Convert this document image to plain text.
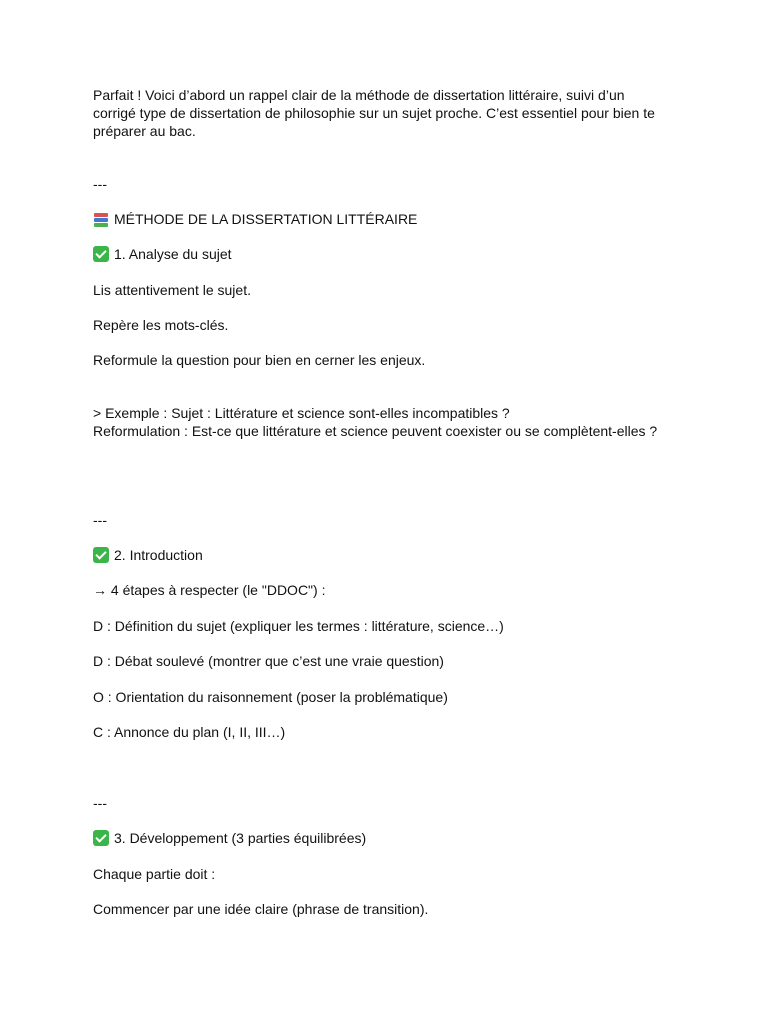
Parfait ! Voici d’abord un rappel clair de la méthode de dissertation littéraire, suivi d’un
corrigé type de dissertation de philosophie sur un sujet proche. C’est essentiel pour bien te
préparer au bac.
---
MÉTHODE DE LA DISSERTATION LITTÉRAIRE
1. Analyse du sujet
Lis attentivement le sujet.
Repère les mots-clés.
Reformule la question pour bien en cerner les enjeux.
> Exemple : Sujet : Littérature et science sont-elles incompatibles ?
Reformulation : Est-ce que littérature et science peuvent coexister ou se complètent-elles ?
---
2. Introduction
→ 4 étapes à respecter (le "DDOC") :
D : Définition du sujet (expliquer les termes : littérature, science…)
D : Débat soulevé (montrer que c’est une vraie question)
O : Orientation du raisonnement (poser la problématique)
C : Annonce du plan (I, II, III…)
---
3. Développement (3 parties équilibrées)
Chaque partie doit :
Commencer par une idée claire (phrase de transition).
